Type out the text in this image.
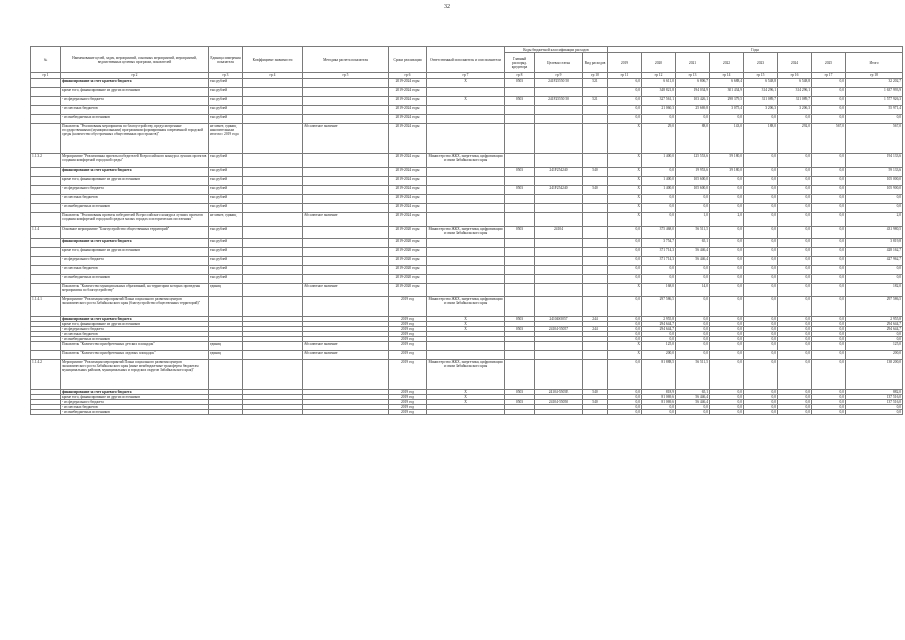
32
№	Наименование целей, задач, мероприятий, основных мероприятий, мероприятий, ведомственных целевых программ, показателей	Единица измерения показателя	Коэффициент значимости	Методика расчета показателя	Сроки реализации	Ответственный исполнитель и соисполнители	Коды бюджетной классификации расходов			Годы							
							Главный распоряд. кредитора	Целевая статья	Вид расходов	2019	2020	2021	2022	2023	2024	2025	Итого
гр 1	гр 2	гр 3	гр 4	гр 5	гр 6	гр 7	гр 8	гр 9	гр 10	гр 11	гр 12	гр 13	гр 14	гр 15	гр 16	гр 17	гр 18
	финансирование за счет краевого бюджета	тыс.рублей			2019-2024 годы	Х	0503	241F25550 50	521	6,0	6 611,0	6 806,7	6 688,4	6 548,8	6 548,8	0,0	32 202,7
	кроме того, финансирование из других источников	тыс.рублей			2019-2024 годы					0,0	348 821,8	194 034,9	301 434,9	314 296,1	314 296,1	0,0	1 637 993,9
	- из федерального бюджета	тыс.рублей			2019-2024 годы	Х	0503	241F25550 50	521	0,0	327 561,1	103 426,1	298 379,5	311 089,7	311 089,7	0,0	1 577 926,3
	- из местных бюджетов	тыс.рублей			2019-2024 годы					0,0	21 060,3	25 669,8	3 075,4	3 206,3	3 206,3	0,0	55 971,4
	- из внебюджетных источников	тыс.рублей			2019-2024 годы					0,0	0,0	0,0	0,0	0,0	0,0	0,0	0,0
	Показатель "Реализованы мероприятия по благоустройству, предусмотренные государственными (муниципальными) программами формирования современной городской среды (количество обустроенных общественных пространств)"	не менее, единиц накопительным итогом с 2019 года		Абсолютное значение	2019-2024 годы					Х	29,0	88,0	143,0	188,0	292,0	567,0	567,0
1.1.3.2	Мероприятие "Реализованы проекты победителей Всероссийского конкурса лучших проектов создания комфортной городской среды"	тыс.рублей			2019-2024 годы	Министерство ЖКХ, энергетики, цифровизации и связи Забайкальского края				Х	1 400,0	125 553,6	59 180,0	0,0	0,0	0,0	194 133,6
	финансирование за счет краевого бюджета	тыс.рублей			2019-2024 годы		0503	241F254240	540	Х	0,0	19 953,6	39 180,0	0,0	0,0	0,0	59 133,6
	кроме того, финансирование из других источников	тыс.рублей			2019-2024 годы					Х	1 400,0	105 600,0	0,0	0,0	0,0	0,0	105 000,0
	- из федерального бюджета	тыс.рублей			2019-2024 годы		0503	241F254240	540	Х	1 400,0	105 600,0	0,0	0,0	0,0	0,0	105 900,0
	- из местных бюджетов	тыс.рублей			2019-2024 годы					Х	0,0	0,0	0,0	0,0	0,0	0,0	0,0
	- из внебюджетных источников	тыс.рублей			2019-2024 годы					Х	0,0	0,0	0,0	0,0	0,0	0,0	0,0
	Показатель "Реализованы проекты победителей Всероссийского конкурса лучших проектов создания комфортной городской среды в малых городах и исторических поселениях"	не менее, единиц		Абсолютное значение	2019-2024 годы					Х	0,0	1,0	2,0	0,0	0,0	0,0	2,0
1.1.4	Основное мероприятие "Благоустройство общественных территорий"	тыс.рублей			2019-2020 годы	Министерство ЖКХ, энергетики, цифровизации и связи Забайкальского края	0503	24104		0,0	375 468,0	56 511,5	0,0	0,0	0,0	0,0	431 980,5
	финансирование за счет краевого бюджета	тыс.рублей			2019-2020 годы					0,0	3 754,7	65,1	0,0	0,0	0,0	0,0	3 819,8
	кроме того, финансирование из других источников	тыс.рублей			2019-2020 годы					0,0	371 714,3	56 446,4	0,0	0,0	0,0	0,0	428 162,7
	- из федерального бюджета	тыс.рублей			2019-2020 годы					0,0	371 714,3	56 446,4	0,0	0,0	0,0	0,0	427 962,7
	- из местных бюджетов	тыс.рублей			2019-2020 годы					0,0	0,0	0,0	0,0	0,0	0,0	0,0	0,0
	- из внебюджетных источников	тыс.рублей			2019-2020 годы					0,0	0,0	0,0	0,0	0,0	0,0	0,0	0,0
	Показатель "Количество муниципальных образований, на территории которых проведены мероприятия по благоустройству"	единиц		Абсолютное значение	2019-2020 годы					Х	168,0	14,0	0,0	0,0	0,0	0,0	182,0
1.1.4.1	Мероприятие "Реализация мероприятий Плана социального развития центров экономического роста Забайкальского края (благоустройство общественных территорий)"				2019 год	Министерство ЖКХ, энергетики, цифровизации и связи Забайкальского края				0,0	297 586,5	0,0	0,0	0,0	0,0	0,0	297 586,5
	финансирование за счет краевого бюджета				2019 год	Х	0503	24104S5057	244	0,0	2 955,8	0,0	0,0	0,0	0,0	0,0	2 955,8
	кроме того, финансирование из других источников				2019 год	Х				0,0	294 644,7	0,0	0,0	0,0	0,0	0,0	294 644,7
	- из федерального бюджета				2019 год	Х	0503	24104-55057	244	0,0	294 644,7	0,0	0,0	0,0	0,0	0,0	294 644,7
	- из местных бюджетов				2019 год					0,0	0,0	0,0	0,0	0,0	0,0	0,0	0,0
	- из внебюджетных источников				2019 год					0,0	0,0	0,0	0,0	0,0	0,0	0,0	0,0
	Показатель "Количество приобретенных детских площадок"	единиц		Абсолютное значение	2019 год					Х	125,0	0,0	0,0	0,0	0,0	0,0	125,0
	Показатель "Количество приобретенных ледовых площадок"	единиц		Абсолютное значение	2019 год					Х	200,0	0,0	0,0	0,0	0,0	0,0	200,0
1.1.4.2	Мероприятие "Реализация мероприятий Плана социального развития центров экономического роста Забайкальского края (иные межбюджетные трансферты бюджетам муниципальных районов, муниципальных и городских округов Забайкальского края)"				2019 год	Министерство ЖКХ, энергетики, цифровизации и связи Забайкальского края				0,0	81 888,5	56 511,5	0,0	0,0	0,0	0,0	138 200,0
	финансирование за счет краевого бюджета				2019 год	Х	0503	24104-5505Е	540	0,0	818,9	65,1	0,0	0,0	0,0	0,0	882,0
	кроме того, финансирование из других источников				2019 год	Х				0,0	81 069,6	56 446,4	0,0	0,0	0,0	0,0	137 516,0
	- из федерального бюджета				2019 год	Х	0503	24104-55050	540	0,0	81 069,6	56 446,4	0,0	0,0	0,0	0,0	137 516,0
	- из местных бюджетов				2019 год					0,0	0,0	0,0	0,0	0,0	0,0	0,0	0,0
	- из внебюджетных источников				2019 год					0,0	0,0	0,0	0,0	0,0	0,0	0,0	0,0
